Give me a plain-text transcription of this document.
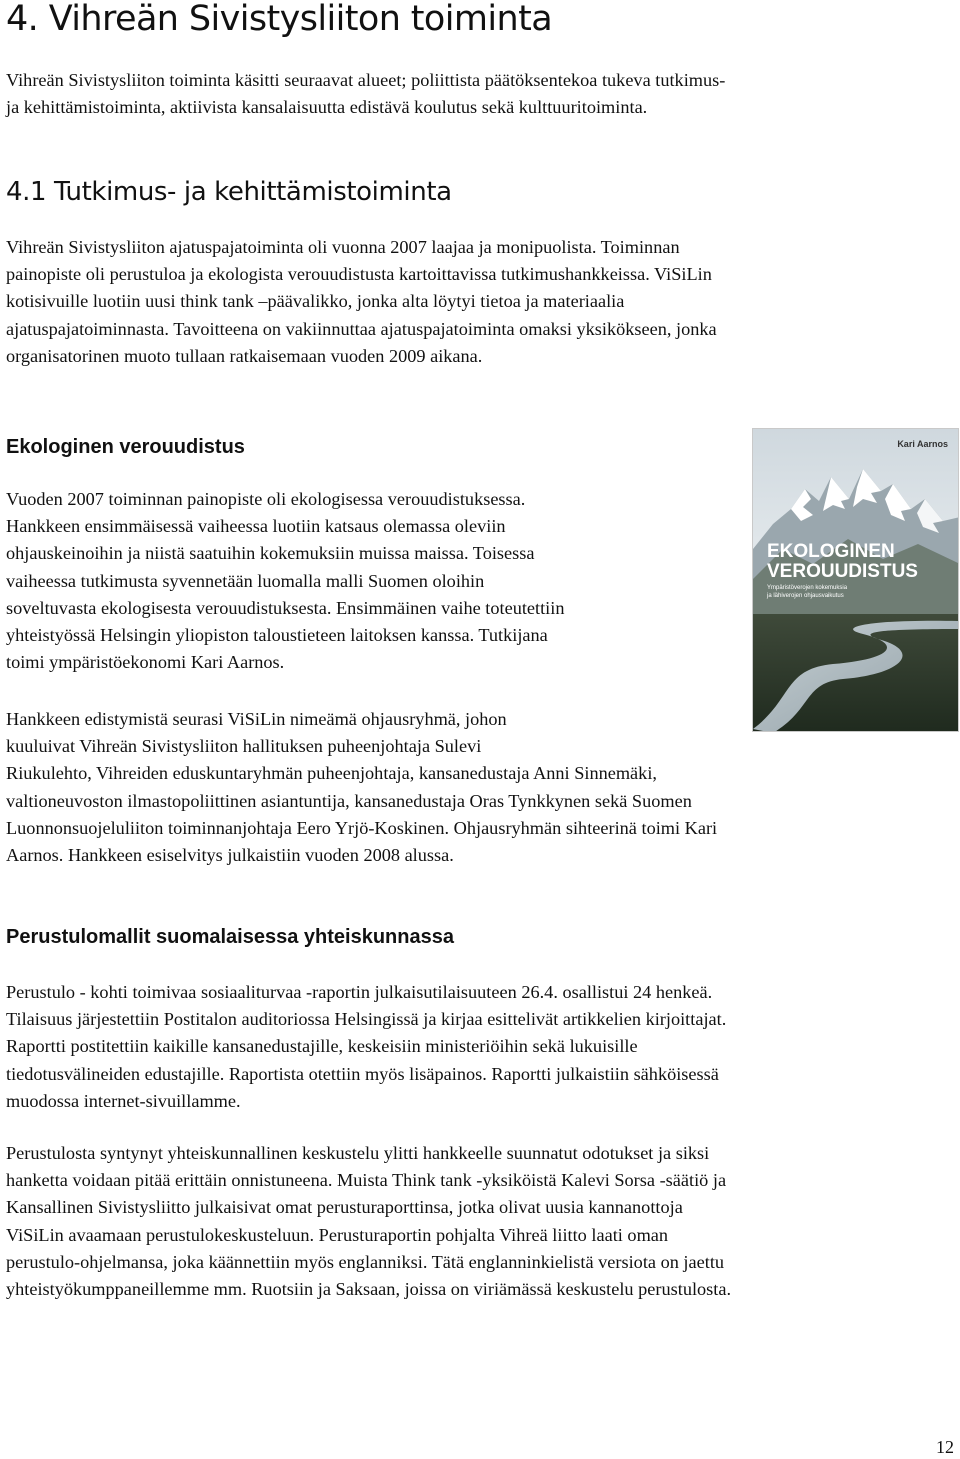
4. Vihreän Sivistysliiton toiminta

Vihreän Sivistysliiton toiminta käsitti seuraavat alueet; poliittista päätöksentekoa tukeva tutkimus-
ja kehittämistoiminta, aktiivista kansalaisuutta edistävä koulutus sekä kulttuuritoiminta.

4.1 Tutkimus- ja kehittämistoiminta

Vihreän Sivistysliiton ajatuspajatoiminta oli vuonna 2007 laajaa ja monipuolista. Toiminnan
painopiste oli perustuloa ja ekologista verouudistusta kartoittavissa tutkimushankkeissa. ViSiLin
kotisivuille luotiin uusi think tank –päävalikko, jonka alta löytyi tietoa ja materiaalia
ajatuspajatoiminnasta. Tavoitteena on vakiinnuttaa ajatuspajatoiminta omaksi yksikökseen, jonka
organisatorinen muoto tullaan ratkaisemaan vuoden 2009 aikana.

Ekologinen verouudistus

Vuoden 2007 toiminnan painopiste oli ekologisessa verouudistuksessa.
Hankkeen ensimmäisessä vaiheessa luotiin katsaus olemassa oleviin
ohjauskeinoihin ja niistä saatuihin kokemuksiin muissa maissa. Toisessa
vaiheessa tutkimusta syvennetään luomalla malli Suomen oloihin
soveltuvasta ekologisesta verouudistuksesta. Ensimmäinen vaihe toteutettiin
yhteistyössä Helsingin yliopiston taloustieteen laitoksen kanssa. Tutkijana
toimi ympäristöekonomi Kari Aarnos.

Kari Aarnos
EKOLOGINEN
VEROUUDISTUS
Ympäristöverojen kokemuksia
ja lähiverojen ohjausvaikutus

Hankkeen edistymistä seurasi ViSiLin nimeämä ohjausryhmä, johon
kuuluivat Vihreän Sivistysliiton hallituksen puheenjohtaja Sulevi
Riukulehto, Vihreiden eduskuntaryhmän puheenjohtaja, kansanedustaja Anni Sinnemäki,
valtioneuvoston ilmastopoliittinen asiantuntija, kansanedustaja Oras Tynkkynen sekä Suomen
Luonnonsuojeluliiton toiminnanjohtaja Eero Yrjö-Koskinen. Ohjausryhmän sihteerinä toimi Kari
Aarnos. Hankkeen esiselvitys julkaistiin vuoden 2008 alussa.

Perustulomallit suomalaisessa yhteiskunnassa

Perustulo - kohti toimivaa sosiaaliturvaa -raportin julkaisutilaisuuteen 26.4. osallistui 24 henkeä.
Tilaisuus järjestettiin Postitalon auditoriossa Helsingissä ja kirjaa esittelivät artikkelien kirjoittajat.
Raportti postitettiin kaikille kansanedustajille, keskeisiin ministeriöihin sekä lukuisille
tiedotusvälineiden edustajille. Raportista otettiin myös lisäpainos. Raportti julkaistiin sähköisessä
muodossa internet-sivuillamme.

Perustulosta syntynyt yhteiskunnallinen keskustelu ylitti hankkeelle suunnatut odotukset ja siksi
hanketta voidaan pitää erittäin onnistuneena. Muista Think tank -yksiköistä Kalevi Sorsa -säätiö ja
Kansallinen Sivistysliitto julkaisivat omat perusturaporttinsa, jotka olivat uusia kannanottoja
ViSiLin avaamaan perustulokeskusteluun. Perusturaportin pohjalta Vihreä liitto laati oman
perustulo-ohjelmansa, joka käännettiin myös englanniksi. Tätä englanninkielistä versiota on jaettu
yhteistyökumppaneillemme mm. Ruotsiin ja Saksaan, joissa on viriämässä keskustelu perustulosta.

12
